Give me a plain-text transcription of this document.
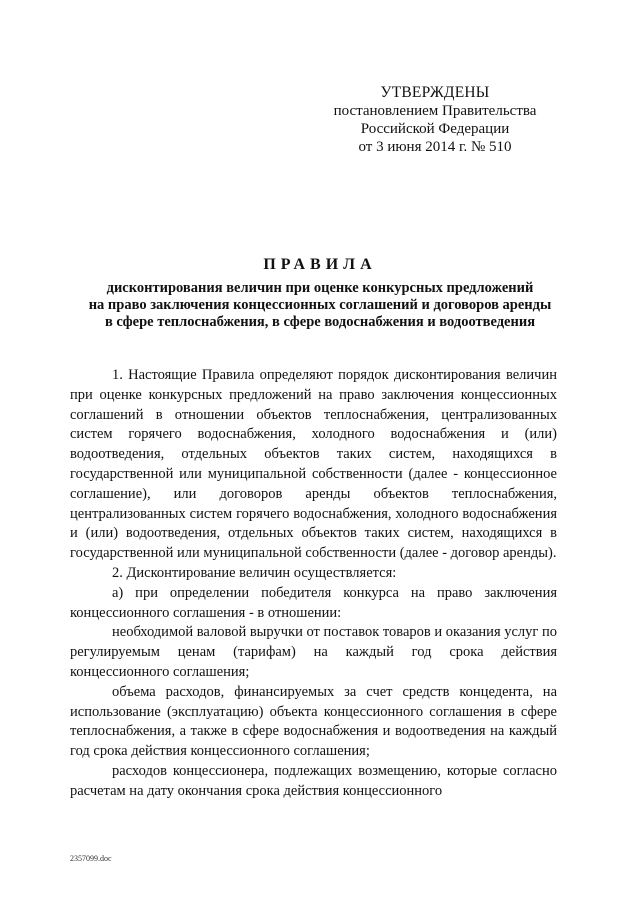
УТВЕРЖДЕНЫ
постановлением Правительства
Российской Федерации
от 3 июня 2014 г. № 510
ПРАВИЛА
дисконтирования величин при оценке конкурсных предложений
на право заключения концессионных соглашений и договоров аренды
в сфере теплоснабжения, в сфере водоснабжения и водоотведения

1. Настоящие Правила определяют порядок дисконтирования величин при оценке конкурсных предложений на право заключения концессионных соглашений в отношении объектов теплоснабжения, централизованных систем горячего водоснабжения, холодного водоснабжения и (или) водоотведения, отдельных объектов таких систем, находящихся в государственной или муниципальной собственности (далее - концессионное соглашение), или договоров аренды объектов теплоснабжения, централизованных систем горячего водоснабжения, холодного водоснабжения и (или) водоотведения, отдельных объектов таких систем, находящихся в государственной или муниципальной собственности (далее - договор аренды).

2. Дисконтирование величин осуществляется:

а) при определении победителя конкурса на право заключения концессионного соглашения - в отношении:

необходимой валовой выручки от поставок товаров и оказания услуг по регулируемым ценам (тарифам) на каждый год срока действия концессионного соглашения;

объема расходов, финансируемых за счет средств концедента, на использование (эксплуатацию) объекта концессионного соглашения в сфере теплоснабжения, а также в сфере водоснабжения и водоотведения на каждый год срока действия концессионного соглашения;

расходов концессионера, подлежащих возмещению, которые согласно расчетам на дату окончания срока действия концессионного

2357099.doc
